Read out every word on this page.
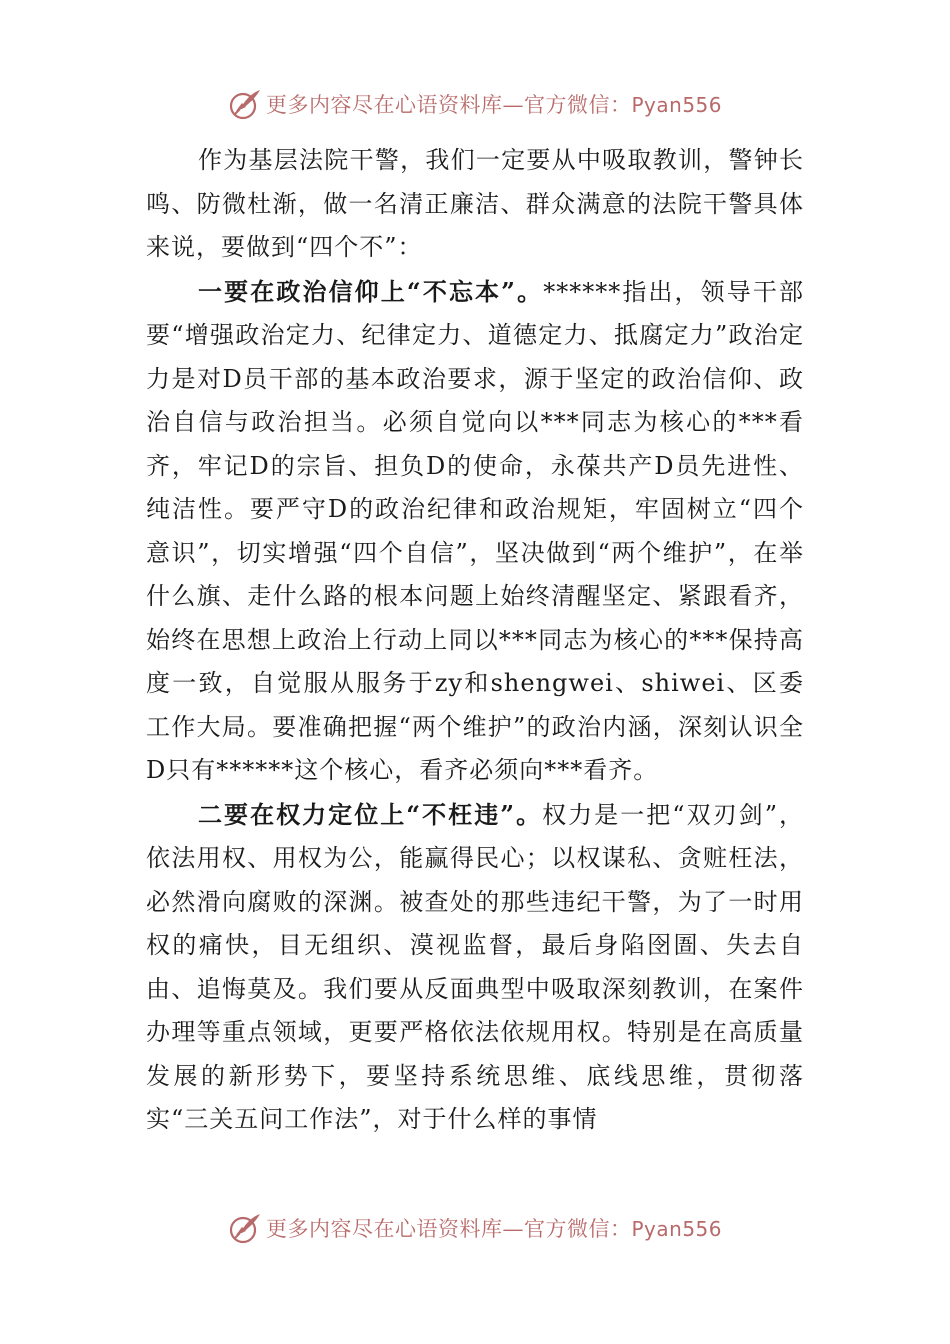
更多内容尽在心语资料库—官方微信：Pyan556

作为基层法院干警，我们一定要从中吸取教训，警钟长鸣、防微杜渐，做一名清正廉洁、群众满意的法院干警具体来说，要做到“四个不”：

一要在政治信仰上“不忘本”。******指出，领导干部要“增强政治定力、纪律定力、道德定力、抵腐定力”政治定力是对D员干部的基本政治要求，源于坚定的政治信仰、政治自信与政治担当。必须自觉向以***同志为核心的***看齐，牢记D的宗旨、担负D的使命，永葆共产D员先进性、纯洁性。要严守D的政治纪律和政治规矩，牢固树立“四个意识”，切实增强“四个自信”，坚决做到“两个维护”，在举什么旗、走什么路的根本问题上始终清醒坚定、紧跟看齐，始终在思想上政治上行动上同以***同志为核心的***保持高度一致，自觉服从服务于zy和shengwei、shiwei、区委工作大局。要准确把握“两个维护”的政治内涵，深刻认识全D只有******这个核心，看齐必须向***看齐。

二要在权力定位上“不枉违”。权力是一把“双刃剑”，依法用权、用权为公，能赢得民心；以权谋私、贪赃枉法，必然滑向腐败的深渊。被查处的那些违纪干警，为了一时用权的痛快，目无组织、漠视监督，最后身陷囹圄、失去自由、追悔莫及。我们要从反面典型中吸取深刻教训，在案件办理等重点领域，更要严格依法依规用权。特别是在高质量发展的新形势下，要坚持系统思维、底线思维，贯彻落实“三关五问工作法”，对于什么样的事情

更多内容尽在心语资料库—官方微信：Pyan556
